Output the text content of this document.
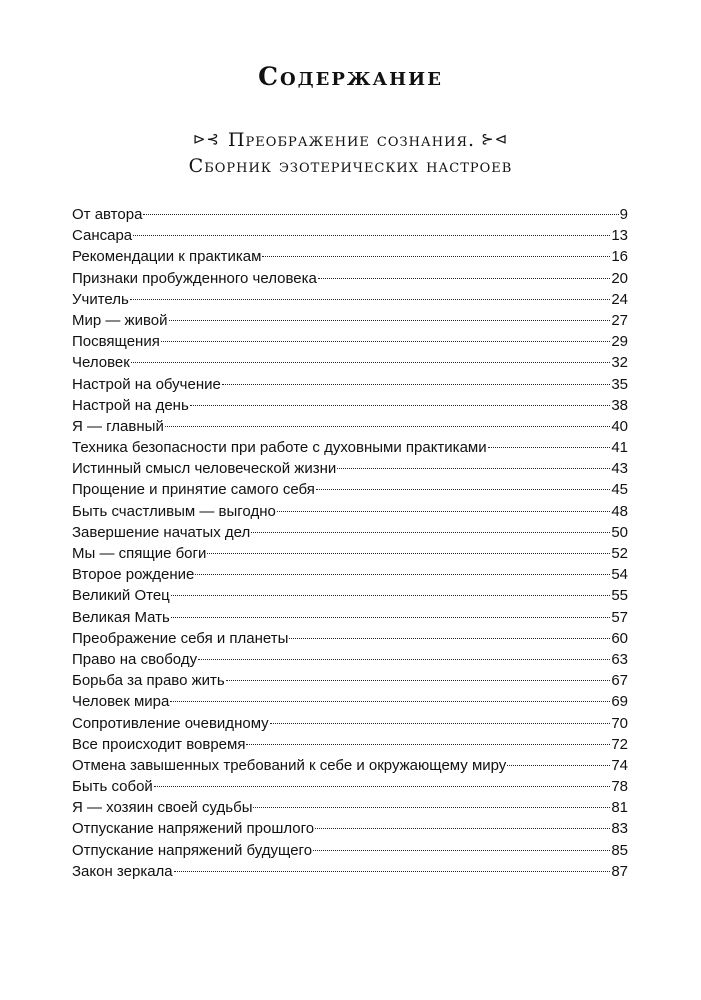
Содержание
⊳⊰ Преображение сознания. ⊱⊲
Сборник эзотерических настроев
От автора	9
Сансара	13
Рекомендации к практикам	16
Признаки пробужденного человека	20
Учитель	24
Мир — живой	27
Посвящения	29
Человек	32
Настрой на обучение	35
Настрой на день	38
Я — главный	40
Техника безопасности при работе с духовными практиками	41
Истинный смысл человеческой жизни	43
Прощение и принятие самого себя	45
Быть счастливым — выгодно	48
Завершение начатых дел	50
Мы — спящие боги	52
Второе рождение	54
Великий Отец	55
Великая Мать	57
Преображение себя и планеты	60
Право на свободу	63
Борьба за право жить	67
Человек мира	69
Сопротивление очевидному	70
Все происходит вовремя	72
Отмена завышенных требований к себе и окружающему миру	74
Быть собой	78
Я — хозяин своей судьбы	81
Отпускание напряжений прошлого	83
Отпускание напряжений будущего	85
Закон зеркала	87
